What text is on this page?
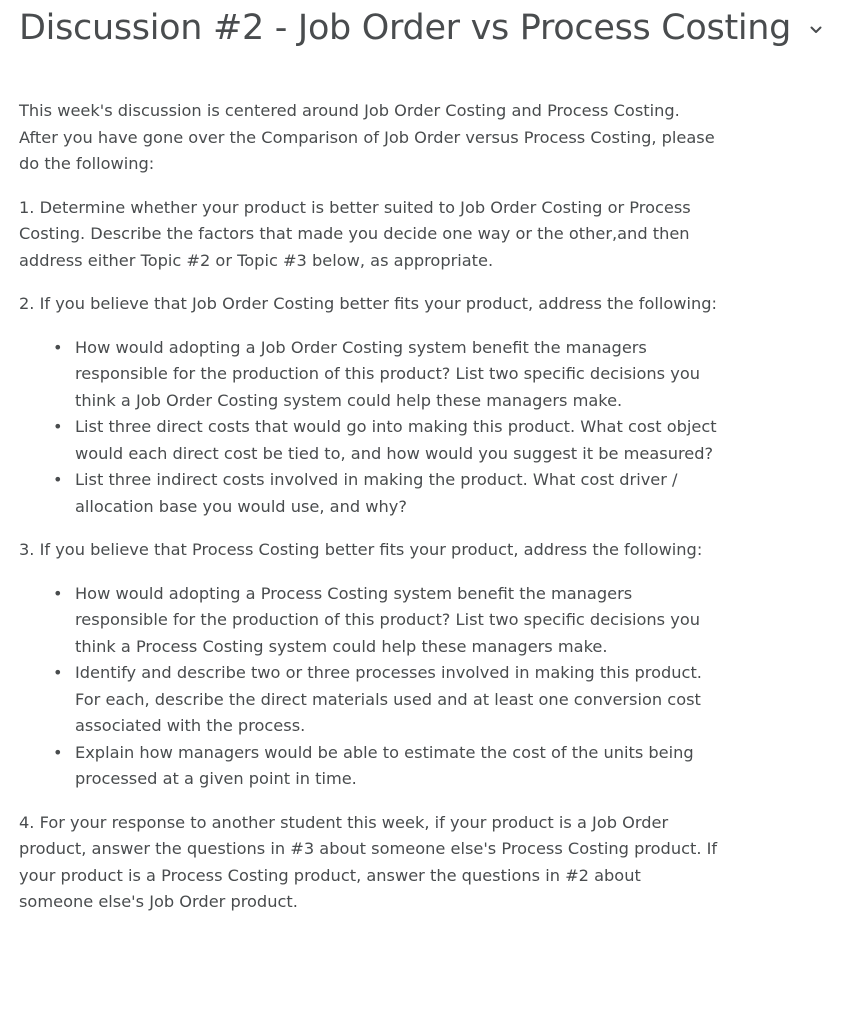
Discussion #2 - Job Order vs Process Costing

This week's discussion is centered around Job Order Costing and Process Costing. After you have gone over the Comparison of Job Order versus Process Costing, please do the following:

1. Determine whether your product is better suited to Job Order Costing or Process Costing. Describe the factors that made you decide one way or the other,and then address either Topic #2 or Topic #3 below, as appropriate.

2. If you believe that Job Order Costing better fits your product, address the following:

• How would adopting a Job Order Costing system benefit the managers responsible for the production of this product? List two specific decisions you think a Job Order Costing system could help these managers make.
• List three direct costs that would go into making this product. What cost object would each direct cost be tied to, and how would you suggest it be measured?
• List three indirect costs involved in making the product. What cost driver / allocation base you would use, and why?

3. If you believe that Process Costing better fits your product, address the following:

• How would adopting a Process Costing system benefit the managers responsible for the production of this product? List two specific decisions you think a Process Costing system could help these managers make.
• Identify and describe two or three processes involved in making this product. For each, describe the direct materials used and at least one conversion cost associated with the process.
• Explain how managers would be able to estimate the cost of the units being processed at a given point in time.

4. For your response to another student this week, if your product is a Job Order product, answer the questions in #3 about someone else's Process Costing product. If your product is a Process Costing product, answer the questions in #2 about someone else's Job Order product.
